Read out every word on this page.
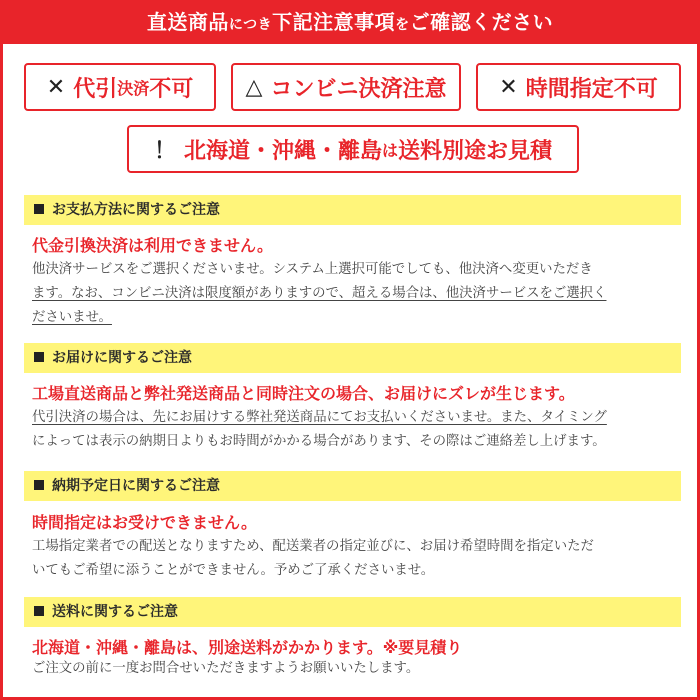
直送商品につき下記注意事項をご確認ください
✕ 代引 決済 不可 △ コンビニ決済注意 ✕ 時間指定不可
！ 北海道・沖縄・離島 は 送料別途お見積
お支払方法に関するご注意
代金引換決済は利用できません。
他決済サービスをご選択くださいませ。システム上選択可能でしても、他決済へ変更いただき
ます。なお、コンビニ決済は限度額がありますので、超える場合は、他決済サービスをご選択く
ださいませ。
お届けに関するご注意
工場直送商品と弊社発送商品と同時注文の場合、お届けにズレが生じます。
代引決済の場合は、先にお届けする弊社発送商品にてお支払いくださいませ。また、タイミング
によっては表示の納期日よりもお時間がかかる場合があります、その際はご連絡差し上げます。
納期予定日に関するご注意
時間指定はお受けできません。
工場指定業者での配送となりますため、配送業者の指定並びに、お届け希望時間を指定いただ
いてもご希望に添うことができません。予めご了承くださいませ。
送料に関するご注意
北海道・沖縄・離島は、別途送料がかかります。※要見積り
ご注文の前に一度お問合せいただきますようお願いいたします。
